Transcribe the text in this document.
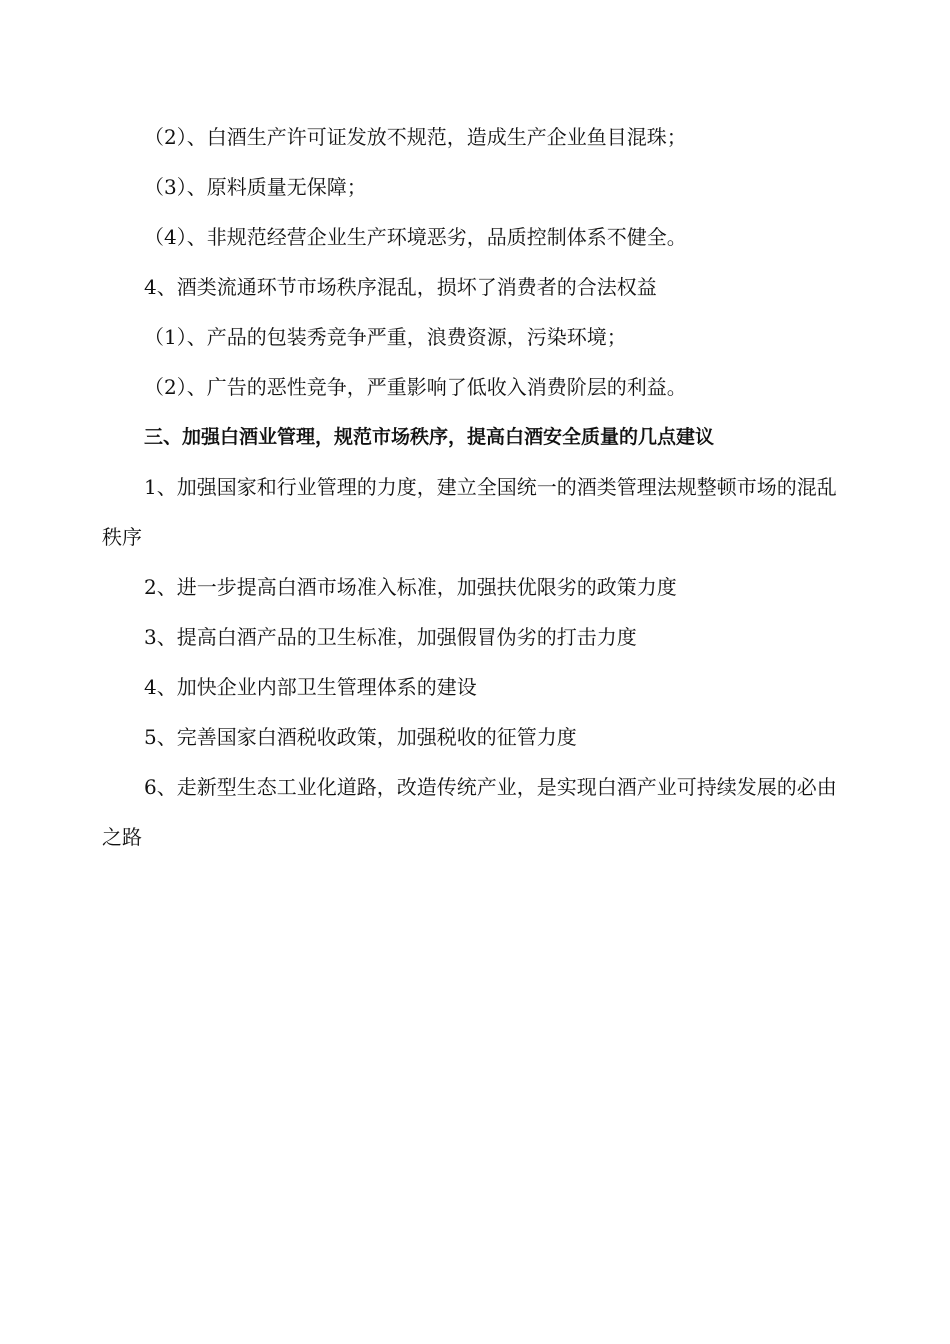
（2）、白酒生产许可证发放不规范，造成生产企业鱼目混珠；
（3）、原料质量无保障；
（4）、非规范经营企业生产环境恶劣，品质控制体系不健全。
4、酒类流通环节市场秩序混乱，损坏了消费者的合法权益
（1）、产品的包装秀竞争严重，浪费资源，污染环境；
（2）、广告的恶性竞争，严重影响了低收入消费阶层的利益。
三、加强白酒业管理，规范市场秩序，提高白酒安全质量的几点建议
1、加强国家和行业管理的力度，建立全国统一的酒类管理法规整顿市场的混乱秩序
2、进一步提高白酒市场准入标准，加强扶优限劣的政策力度
3、提高白酒产品的卫生标准，加强假冒伪劣的打击力度
4、加快企业内部卫生管理体系的建设
5、完善国家白酒税收政策，加强税收的征管力度
6、走新型生态工业化道路，改造传统产业，是实现白酒产业可持续发展的必由之路
